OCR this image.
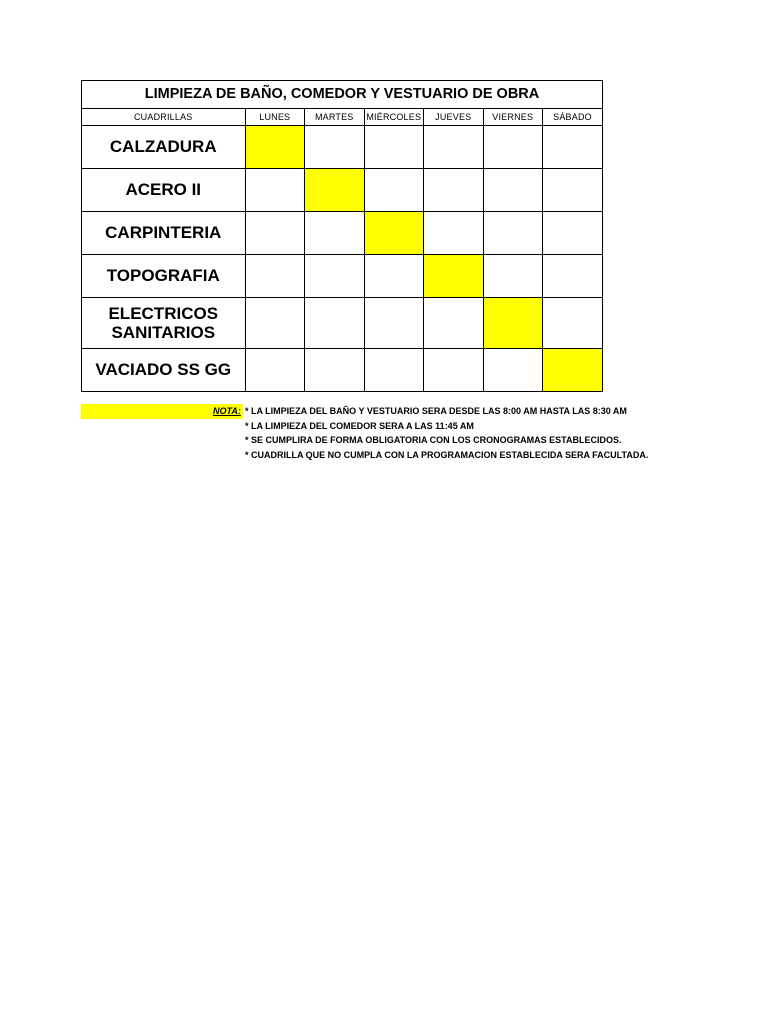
LIMPIEZA DE BAÑO, COMEDOR Y VESTUARIO DE OBRA
CUADRILLAS	LUNES	MARTES	MIÉRCOLES	JUEVES	VIERNES	SÁBADO
CALZADURA						
ACERO II						
CARPINTERIA						
TOPOGRAFIA						
ELECTRICOS
SANITARIOS						
VACIADO SS GG						
NOTA: * LA LIMPIEZA DEL BAÑO Y VESTUARIO SERA DESDE LAS 8:00 AM HASTA LAS 8:30 AM
* LA LIMPIEZA DEL COMEDOR SERA A LAS 11:45 AM
* SE CUMPLIRA DE FORMA OBLIGATORIA CON LOS CRONOGRAMAS ESTABLECIDOS.
* CUADRILLA QUE NO CUMPLA CON LA PROGRAMACION ESTABLECIDA SERA FACULTADA.
